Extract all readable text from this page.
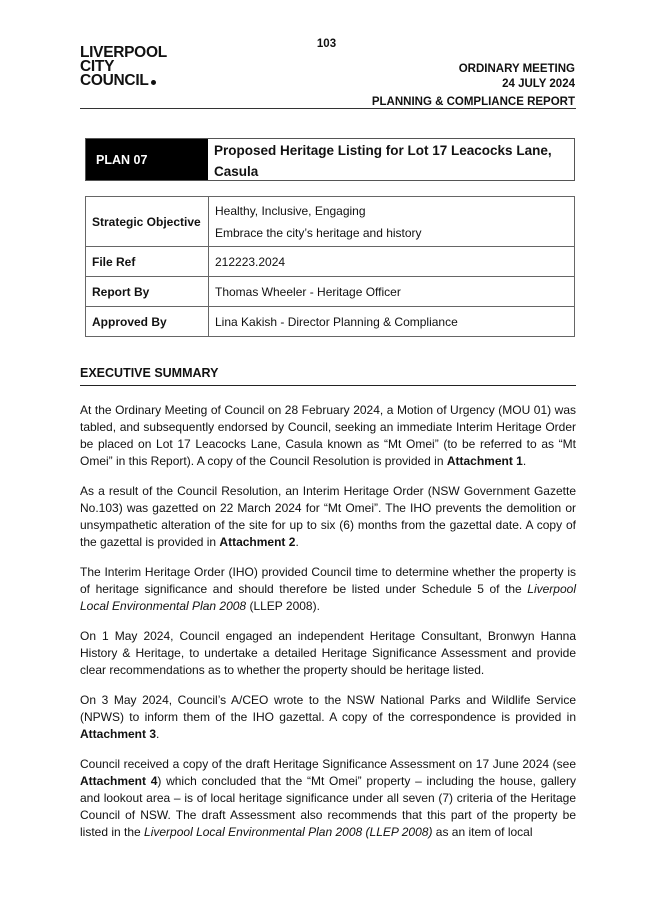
103
LIVERPOOL
CITY
COUNCIL
ORDINARY MEETING
24 JULY 2024
PLANNING & COMPLIANCE REPORT
PLAN 07
Proposed Heritage Listing for Lot 17 Leacocks Lane, Casula
Strategic Objective	Healthy, Inclusive, Engaging
Embrace the city’s heritage and history

File Ref	212223.2024
Report By	Thomas Wheeler - Heritage Officer
Approved By	Lina Kakish - Director Planning & Compliance
EXECUTIVE SUMMARY

At the Ordinary Meeting of Council on 28 February 2024, a Motion of Urgency (MOU 01) was tabled, and subsequently endorsed by Council, seeking an immediate Interim Heritage Order be placed on Lot 17 Leacocks Lane, Casula known as “Mt Omei” (to be referred to as “Mt Omei” in this Report). A copy of the Council Resolution is provided in Attachment 1.

As a result of the Council Resolution, an Interim Heritage Order (NSW Government Gazette No.103) was gazetted on 22 March 2024 for “Mt Omei”. The IHO prevents the demolition or unsympathetic alteration of the site for up to six (6) months from the gazettal date. A copy of the gazettal is provided in Attachment 2.

The Interim Heritage Order (IHO) provided Council time to determine whether the property is of heritage significance and should therefore be listed under Schedule 5 of the Liverpool Local Environmental Plan 2008 (LLEP 2008).

On 1 May 2024, Council engaged an independent Heritage Consultant, Bronwyn Hanna History & Heritage, to undertake a detailed Heritage Significance Assessment and provide clear recommendations as to whether the property should be heritage listed.

On 3 May 2024, Council’s A/CEO wrote to the NSW National Parks and Wildlife Service (NPWS) to inform them of the IHO gazettal. A copy of the correspondence is provided in Attachment 3.

Council received a copy of the draft Heritage Significance Assessment on 17 June 2024 (see Attachment 4) which concluded that the “Mt Omei” property – including the house, gallery and lookout area – is of local heritage significance under all seven (7) criteria of the Heritage Council of NSW. The draft Assessment also recommends that this part of the property be listed in the Liverpool Local Environmental Plan 2008 (LLEP 2008) as an item of local
